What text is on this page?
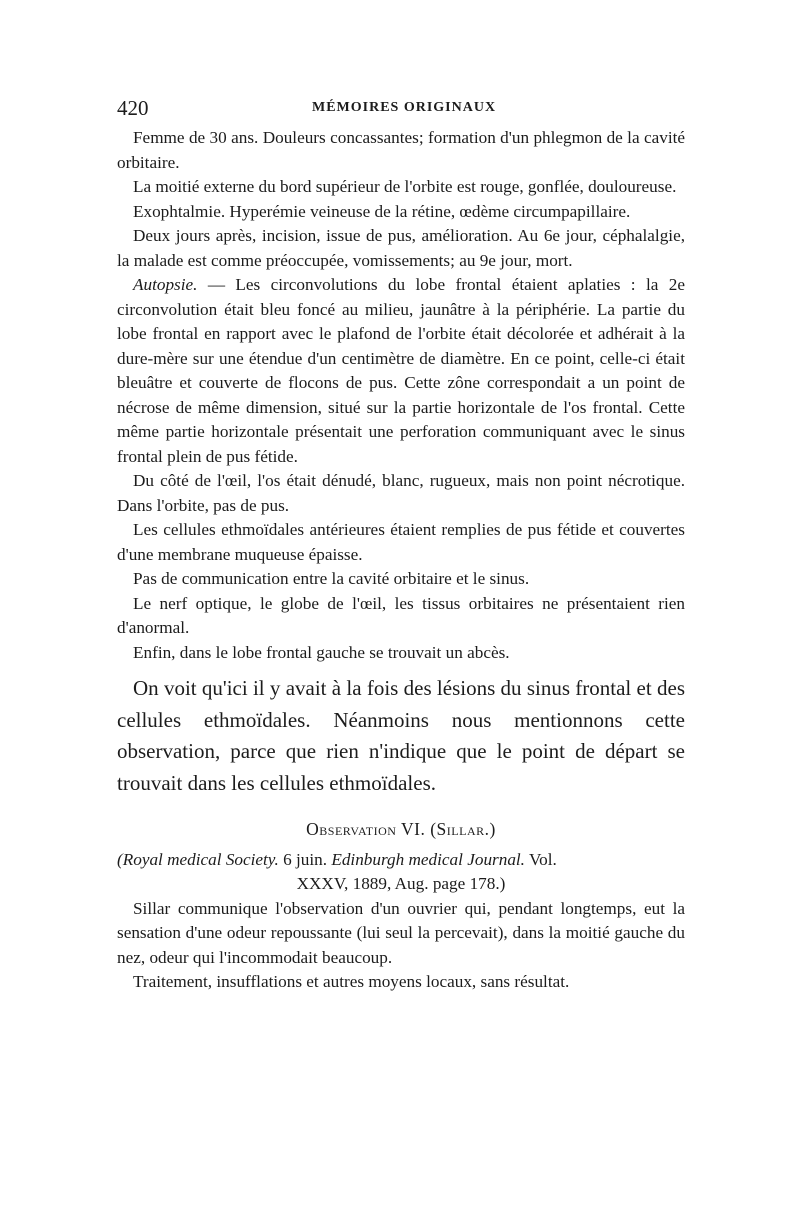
420	MÉMOIRES ORIGINAUX

Femme de 30 ans. Douleurs concassantes; formation d'un phlegmon de la cavité orbitaire.

La moitié externe du bord supérieur de l'orbite est rouge, gonflée, douloureuse.

Exophtalmie. Hyperémie veineuse de la rétine, œdème circumpapillaire.

Deux jours après, incision, issue de pus, amélioration. Au 6e jour, céphalalgie, la malade est comme préoccupée, vomissements; au 9e jour, mort.

Autopsie. — Les circonvolutions du lobe frontal étaient aplaties : la 2e circonvolution était bleu foncé au milieu, jaunâtre à la périphérie. La partie du lobe frontal en rapport avec le plafond de l'orbite était décolorée et adhérait à la dure-mère sur une étendue d'un centimètre de diamètre. En ce point, celle-ci était bleuâtre et couverte de flocons de pus. Cette zône correspondait a un point de nécrose de même dimension, situé sur la partie horizontale de l'os frontal. Cette même partie horizontale présentait une perforation communiquant avec le sinus frontal plein de pus fétide.

Du côté de l'œil, l'os était dénudé, blanc, rugueux, mais non point nécrotique. Dans l'orbite, pas de pus.

Les cellules ethmoïdales antérieures étaient remplies de pus fétide et couvertes d'une membrane muqueuse épaisse.

Pas de communication entre la cavité orbitaire et le sinus.

Le nerf optique, le globe de l'œil, les tissus orbitaires ne présentaient rien d'anormal.

Enfin, dans le lobe frontal gauche se trouvait un abcès.

On voit qu'ici il y avait à la fois des lésions du sinus frontal et des cellules ethmoïdales. Néanmoins nous mentionnons cette observation, parce que rien n'indique que le point de départ se trouvait dans les cellules ethmoïdales.

Observation VI. (Sillar.)

(Royal medical Society. 6 juin. Edinburgh medical Journal. Vol.
XXXV, 1889, Aug. page 178.)

Sillar communique l'observation d'un ouvrier qui, pendant longtemps, eut la sensation d'une odeur repoussante (lui seul la percevait), dans la moitié gauche du nez, odeur qui l'incommodait beaucoup.

Traitement, insufflations et autres moyens locaux, sans résultat.
